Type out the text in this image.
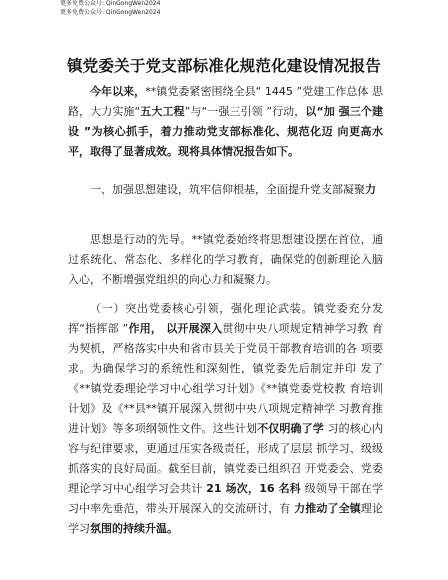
更多免费公众号: QinGongWen2024
更多免费公众号: QinGongWen2024
镇党委关于党支部标准化规范化建设情况报告

今年以来，**镇党委紧密围绕全县“ 1445 ”党建工作总体 思路，大力实施“五大工程”与“一强三引领 ”行动，以“加 强三个建设 ”为核心抓手，着力推动党支部标准化、规范化迈 向更高水平，取得了显著成效。现将具体情况报告如下。

一、加强思想建设，筑牢信仰根基，全面提升党支部凝聚力

思想是行动的先导。**镇党委始终将思想建设摆在首位，通过系统化、常态化、多样化的学习教育，确保党的创新理论入脑入心，不断增强党组织的向心力和凝聚力。

（一）突出党委核心引领，强化理论武装。镇党委充分发挥“指挥部 ”作用， 以开展深入贯彻中央八项规定精神学习教 育为契机，严格落实中央和省市县关于党员干部教育培训的各 项要求。为确保学习的系统性和深刻性，镇党委先后制定并印 发了《**镇党委理论学习中心组学习计划》《**镇党委党校教 育培训计划》及《**县**镇开展深入贯彻中央八项规定精神学 习教育推进计划》等多项纲领性文件。这些计划不仅明确了学 习的核心内容与纪律要求，更通过压实各级责任，形成了层层 抓学习、级级抓落实的良好局面。截至目前，镇党委已组织召 开党委会、党委理论学习中心组学习会共计 21 场次，16 名科 级领导干部在学习中率先垂范，带头开展深入的交流研讨，有 力推动了全镇理论学习氛围的持续升温。
